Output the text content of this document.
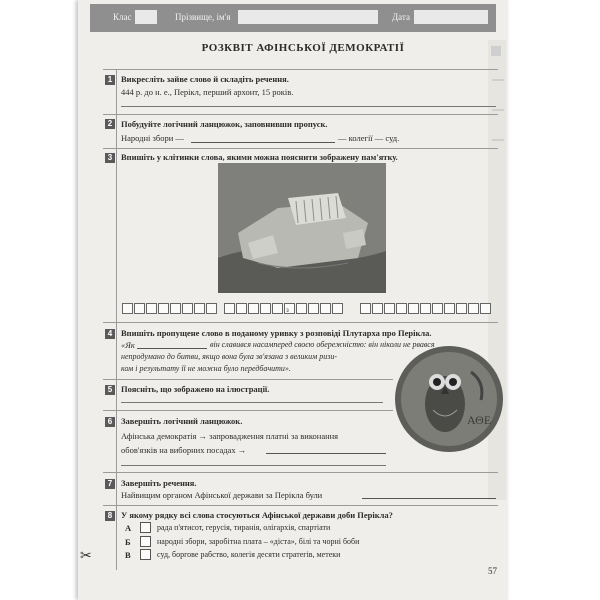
Клас	Прізвище, ім'я	Дата
РОЗКВІТ АФІНСЬКОЇ ДЕМОКРАТІЇ
1	Викресліть зайве слово й складіть речення.
444 р. до н. е., Перікл, перший архонт, 15 років.
2	Побудуйте логічний ланцюжок, заповнивши пропуск.
Народні збори —	— колегії — суд.
3	Впишіть у клітинки слова, якими можна пояснити зображену пам'ятку.
з
4	Впишіть пропущене слово в поданому уривку з розповіді Плутарха про Перікла.
«Як	він славився насамперед своєю обережністю: він ніколи не рвався
непродумано до битви, якщо вона була зв'язана з великим ризи-
ком і результату її не можна було передбачити».
ΑΘΕ
5	Поясніть, що зображено на ілюстрації.
6	Завершіть логічний ланцюжок.
Афінська демократія → запровадження платні за виконання
обов'язків на виборних посадах →
7	Завершіть речення.
Найвищим органом Афінської держави за Перікла були
8	У якому рядку всі слова стосуються Афінської держави доби Перікла?
А	рада п'ятисот, герусія, тиранія, олігархія, спартіати
Б	народні збори, заробітна плата – «діста», білі та чорні боби
В	суд, боргове рабство, колегія десяти стратегів, метеки
✂
57
